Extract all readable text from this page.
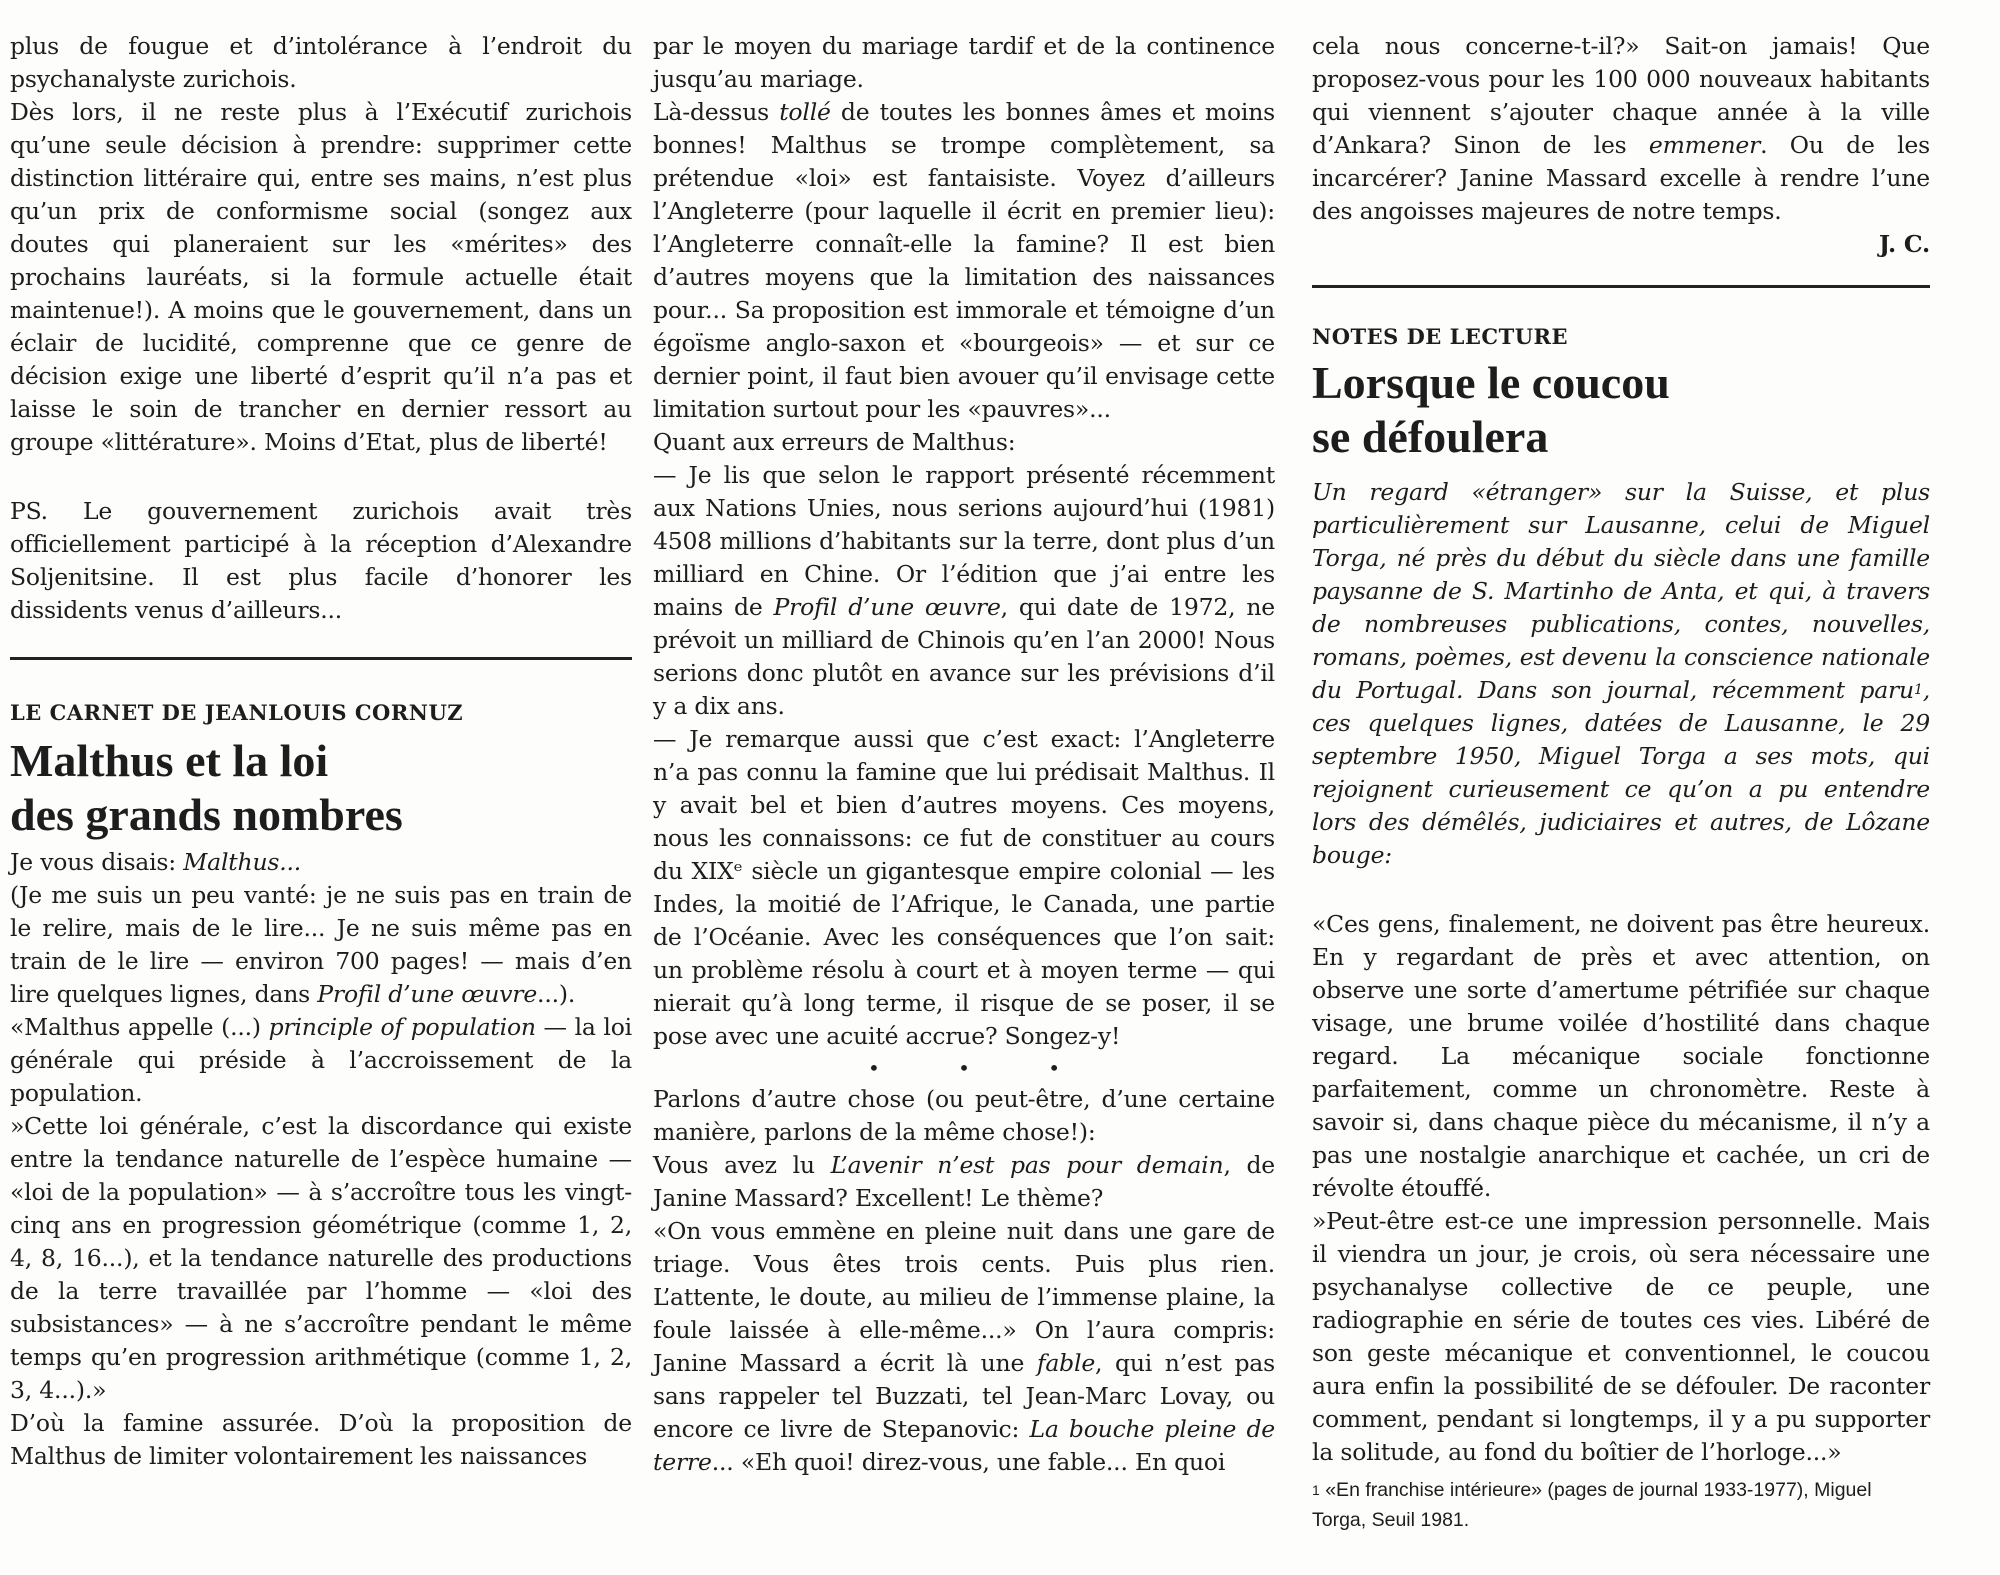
plus de fougue et d’intolérance à l’endroit du psychanalyste zurichois.

Dès lors, il ne reste plus à l’Exécutif zurichois qu’une seule décision à prendre: supprimer cette distinction littéraire qui, entre ses mains, n’est plus qu’un prix de conformisme social (songez aux doutes qui planeraient sur les «mérites» des prochains lauréats, si la formule actuelle était maintenue!). A moins que le gouvernement, dans un éclair de lucidité, comprenne que ce genre de décision exige une liberté d’esprit qu’il n’a pas et laisse le soin de trancher en dernier ressort au groupe «littérature». Moins d’Etat, plus de liberté!

PS. Le gouvernement zurichois avait très officiellement participé à la réception d’Alexandre Soljenitsine. Il est plus facile d’honorer les dissidents venus d’ailleurs...

LE CARNET DE JEANLOUIS CORNUZ
Malthus et la loi
des grands nombres

Je vous disais: Malthus...

(Je me suis un peu vanté: je ne suis pas en train de le relire, mais de le lire... Je ne suis même pas en train de le lire — environ 700 pages! — mais d’en lire quelques lignes, dans Profil d’une œuvre...).

«Malthus appelle (...) principle of population — la loi générale qui préside à l’accroissement de la population.

»Cette loi générale, c’est la discordance qui existe entre la tendance naturelle de l’espèce humaine — «loi de la population» — à s’accroître tous les vingt-cinq ans en progression géométrique (comme 1, 2, 4, 8, 16...), et la tendance naturelle des productions de la terre travaillée par l’homme — «loi des subsistances» — à ne s’accroître pendant le même temps qu’en progression arithmétique (comme 1, 2, 3, 4...).»

D’où la famine assurée. D’où la proposition de Malthus de limiter volontairement les naissances

par le moyen du mariage tardif et de la continence jusqu’au mariage.

Là-dessus tollé de toutes les bonnes âmes et moins bonnes! Malthus se trompe complètement, sa prétendue «loi» est fantaisiste. Voyez d’ailleurs l’Angleterre (pour laquelle il écrit en premier lieu): l’Angleterre connaît-elle la famine? Il est bien d’autres moyens que la limitation des naissances pour... Sa proposition est immorale et témoigne d’un égoïsme anglo-saxon et «bourgeois» — et sur ce dernier point, il faut bien avouer qu’il envisage cette limitation surtout pour les «pauvres»...

Quant aux erreurs de Malthus:

— Je lis que selon le rapport présenté récemment aux Nations Unies, nous serions aujourd’hui (1981) 4508 millions d’habitants sur la terre, dont plus d’un milliard en Chine. Or l’édition que j’ai entre les mains de Profil d’une œuvre, qui date de 1972, ne prévoit un milliard de Chinois qu’en l’an 2000! Nous serions donc plutôt en avance sur les prévisions d’il y a dix ans.

— Je remarque aussi que c’est exact: l’Angleterre n’a pas connu la famine que lui prédisait Malthus. Il y avait bel et bien d’autres moyens. Ces moyens, nous les connaissons: ce fut de constituer au cours du XIXᵉ siècle un gigantesque empire colonial — les Indes, la moitié de l’Afrique, le Canada, une partie de l’Océanie. Avec les conséquences que l’on sait: un problème résolu à court et à moyen terme — qui nierait qu’à long terme, il risque de se poser, il se pose avec une acuité accrue? Songez-y!

• • •

Parlons d’autre chose (ou peut-être, d’une certaine manière, parlons de la même chose!):

Vous avez lu L’avenir n’est pas pour demain, de Janine Massard? Excellent! Le thème?

«On vous emmène en pleine nuit dans une gare de triage. Vous êtes trois cents. Puis plus rien. L’attente, le doute, au milieu de l’immense plaine, la foule laissée à elle-même...» On l’aura compris: Janine Massard a écrit là une fable, qui n’est pas sans rappeler tel Buzzati, tel Jean-Marc Lovay, ou encore ce livre de Stepanovic: La bouche pleine de terre... «Eh quoi! direz-vous, une fable... En quoi

cela nous concerne-t-il?» Sait-on jamais! Que proposez-vous pour les 100 000 nouveaux habitants qui viennent s’ajouter chaque année à la ville d’Ankara? Sinon de les emmener. Ou de les incarcérer? Janine Massard excelle à rendre l’une des angoisses majeures de notre temps.

J. C.

NOTES DE LECTURE
Lorsque le coucou
se défoulera

Un regard «étranger» sur la Suisse, et plus particulièrement sur Lausanne, celui de Miguel Torga, né près du début du siècle dans une famille paysanne de S. Martinho de Anta, et qui, à travers de nombreuses publications, contes, nouvelles, romans, poèmes, est devenu la conscience nationale du Portugal. Dans son journal, récemment paru$^1$, ces quelques lignes, datées de Lausanne, le 29 septembre 1950, Miguel Torga a ses mots, qui rejoignent curieusement ce qu’on a pu entendre lors des démêlés, judiciaires et autres, de Lôzane bouge:

«Ces gens, finalement, ne doivent pas être heureux. En y regardant de près et avec attention, on observe une sorte d’amertume pétrifiée sur chaque visage, une brume voilée d’hostilité dans chaque regard. La mécanique sociale fonctionne parfaitement, comme un chronomètre. Reste à savoir si, dans chaque pièce du mécanisme, il n’y a pas une nostalgie anarchique et cachée, un cri de révolte étouffé.

»Peut-être est-ce une impression personnelle. Mais il viendra un jour, je crois, où sera nécessaire une psychanalyse collective de ce peuple, une radiographie en série de toutes ces vies. Libéré de son geste mécanique et conventionnel, le coucou aura enfin la possibilité de se défouler. De raconter comment, pendant si longtemps, il y a pu supporter la solitude, au fond du boîtier de l’horloge...»

$^1$ «En franchise intérieure» (pages de journal 1933-1977), Miguel Torga, Seuil 1981.
